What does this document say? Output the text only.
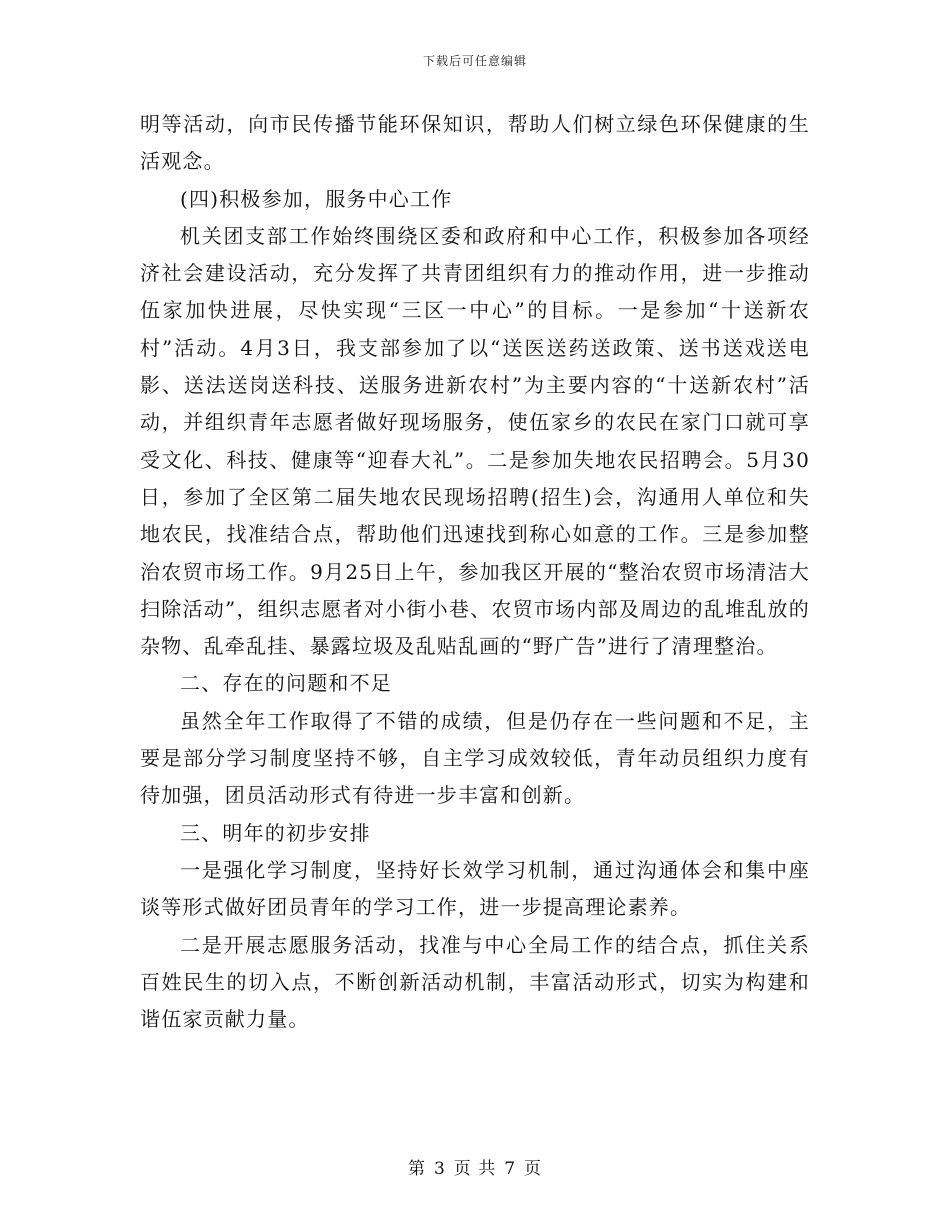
下载后可任意编辑

明等活动，向市民传播节能环保知识，帮助人们树立绿色环保健康的生活观念。

(四)积极参加，服务中心工作

机关团支部工作始终围绕区委和政府和中心工作，积极参加各项经济社会建设活动，充分发挥了共青团组织有力的推动作用，进一步推动伍家加快进展，尽快实现“三区一中心”的目标。一是参加“十送新农村”活动。4月3日，我支部参加了以“送医送药送政策、送书送戏送电影、送法送岗送科技、送服务进新农村”为主要内容的“十送新农村”活动，并组织青年志愿者做好现场服务，使伍家乡的农民在家门口就可享受文化、科技、健康等“迎春大礼”。二是参加失地农民招聘会。5月30日，参加了全区第二届失地农民现场招聘(招生)会，沟通用人单位和失地农民，找准结合点，帮助他们迅速找到称心如意的工作。三是参加整治农贸市场工作。9月25日上午，参加我区开展的“整治农贸市场清洁大扫除活动”，组织志愿者对小街小巷、农贸市场内部及周边的乱堆乱放的杂物、乱牵乱挂、暴露垃圾及乱贴乱画的“野广告”进行了清理整治。

二、存在的问题和不足

虽然全年工作取得了不错的成绩，但是仍存在一些问题和不足，主要是部分学习制度坚持不够，自主学习成效较低，青年动员组织力度有待加强，团员活动形式有待进一步丰富和创新。

三、明年的初步安排

一是强化学习制度，坚持好长效学习机制，通过沟通体会和集中座谈等形式做好团员青年的学习工作，进一步提高理论素养。

二是开展志愿服务活动，找准与中心全局工作的结合点，抓住关系百姓民生的切入点，不断创新活动机制，丰富活动形式，切实为构建和谐伍家贡献力量。

第 3 页 共 7 页
